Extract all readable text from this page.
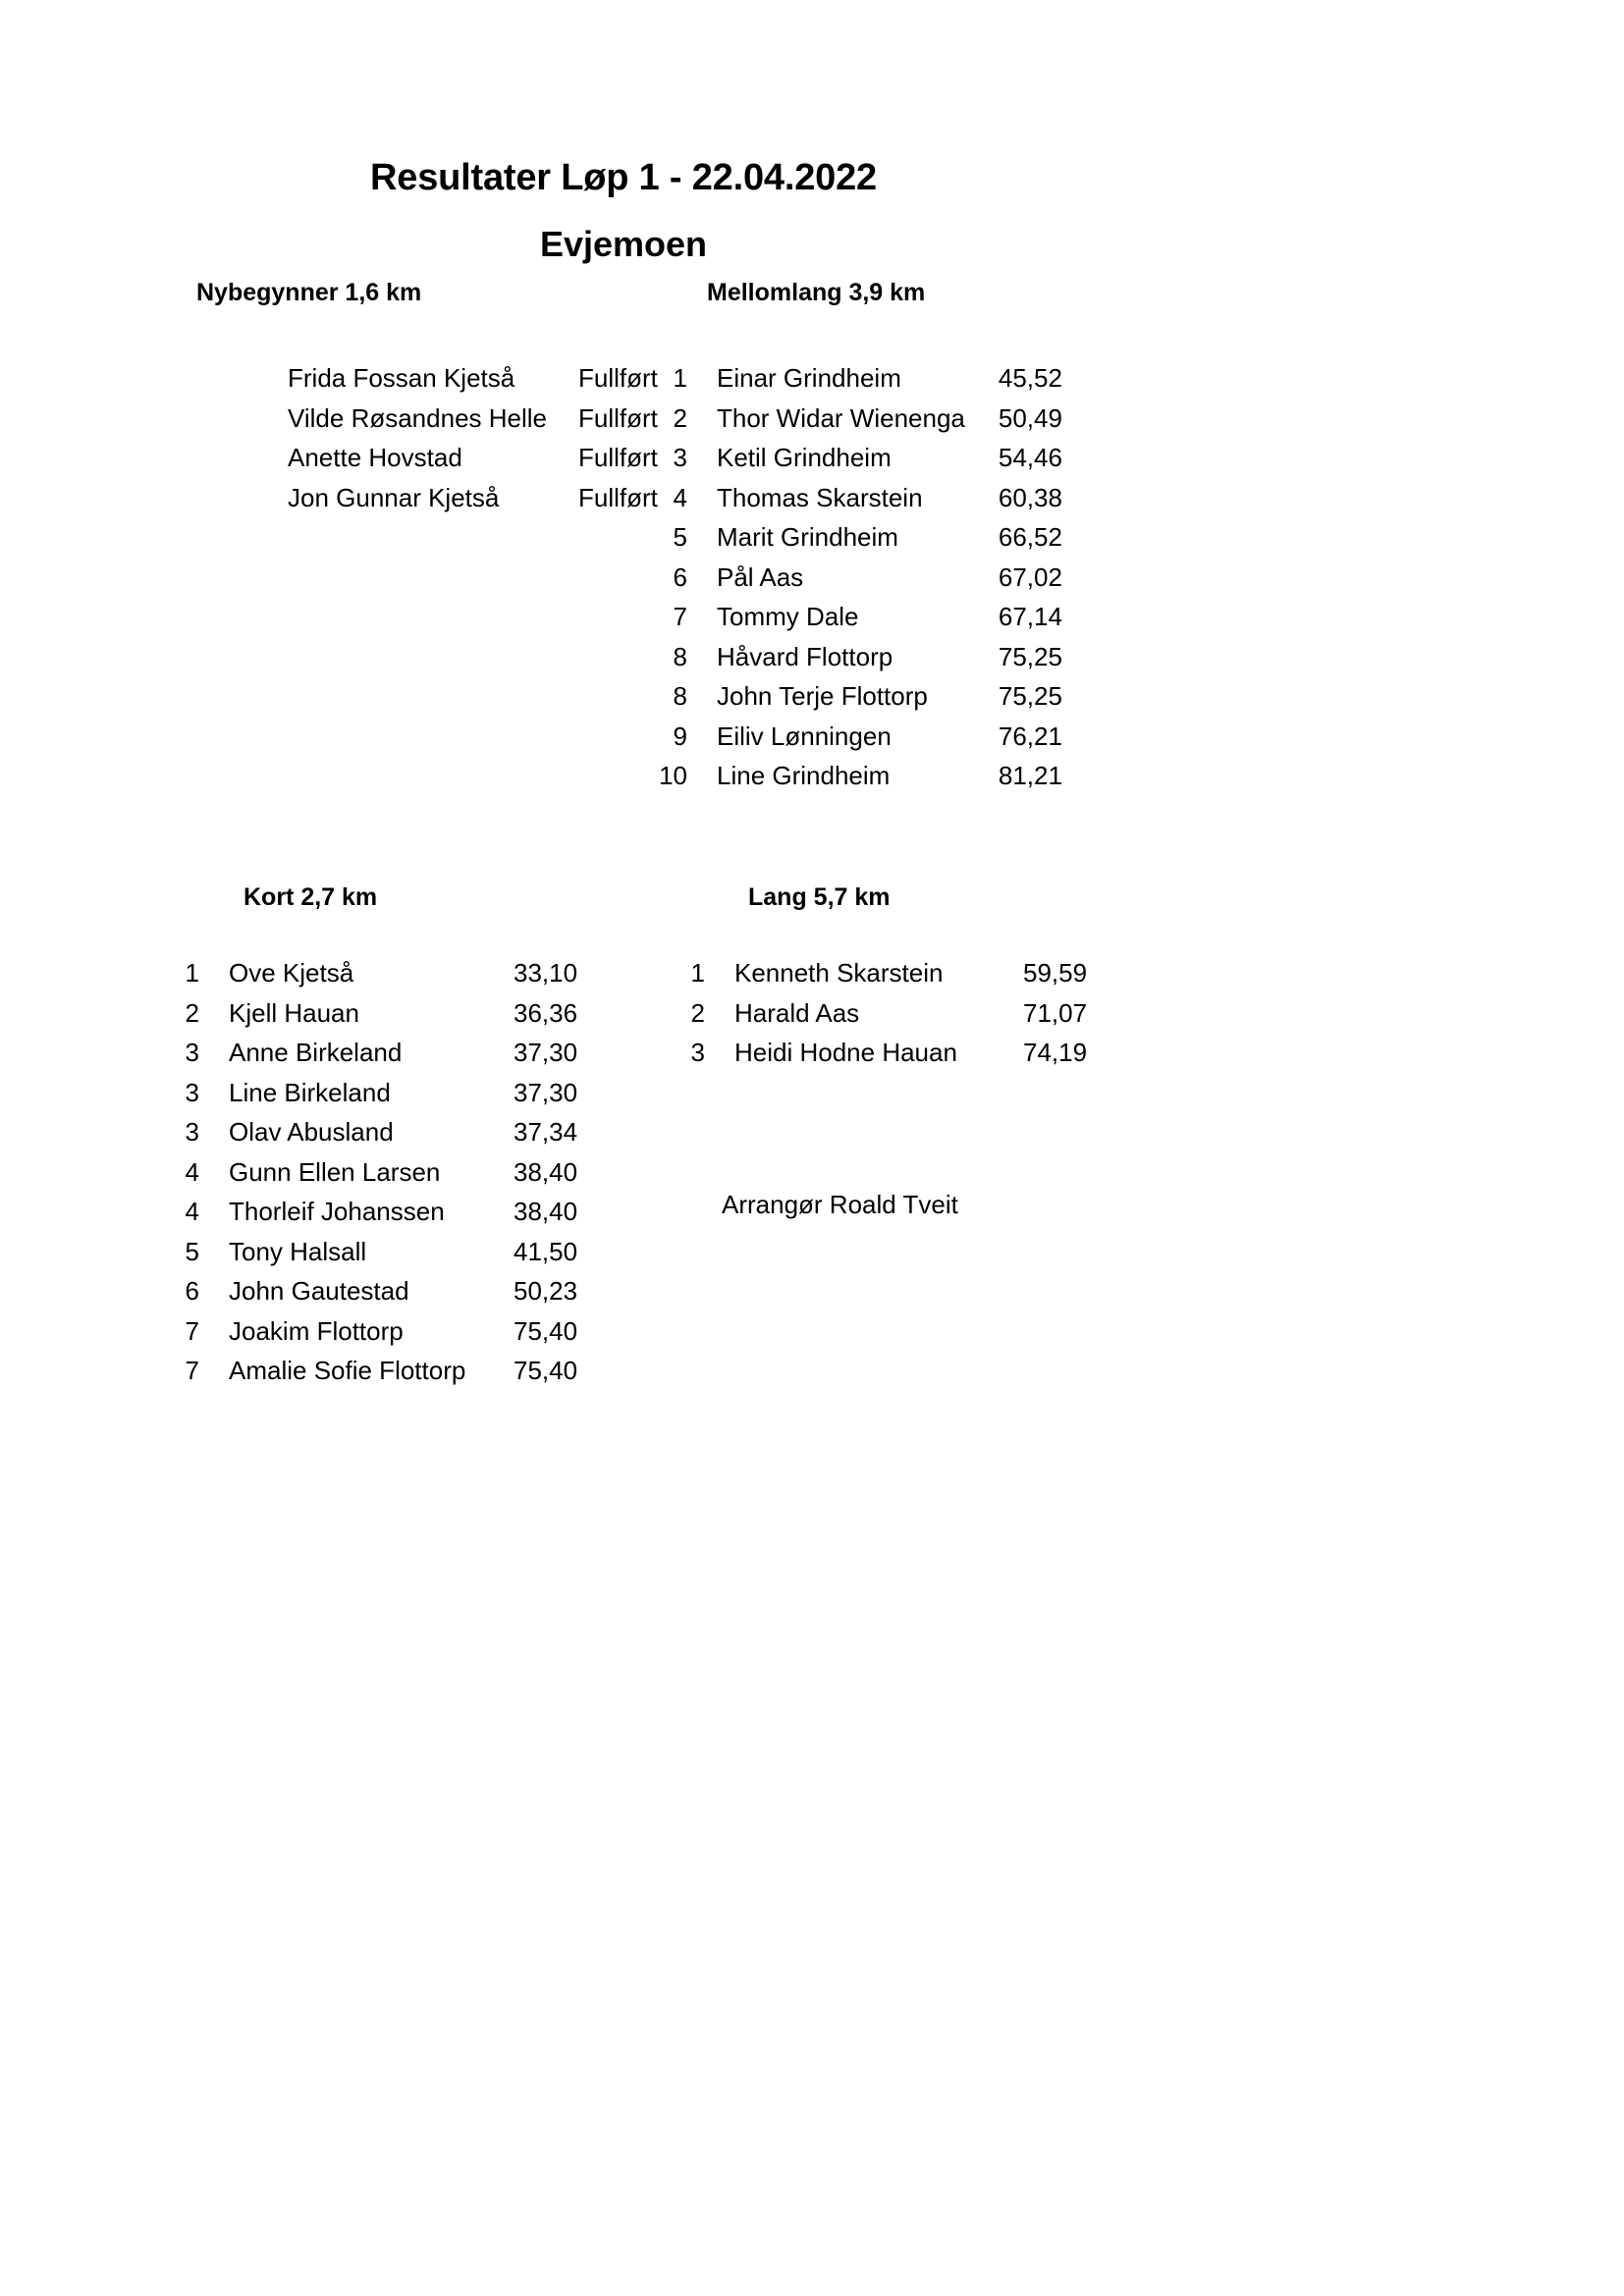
Resultater Løp 1 - 22.04.2022
Evjemoen
Nybegynner 1,6 km	Mellomlang 3,9 km
Kort 2,7 km	Lang 5,7 km
	Frida Fossan Kjetså	Fullført
	Vilde Røsandnes Helle	Fullført
	Anette Hovstad	Fullført
	Jon Gunnar Kjetså	Fullført
1	Einar Grindheim	45,52
2	Thor Widar Wienenga	50,49
3	Ketil Grindheim	54,46
4	Thomas Skarstein	60,38
5	Marit Grindheim	66,52
6	Pål Aas	67,02
7	Tommy Dale	67,14
8	Håvard Flottorp	75,25
8	John Terje Flottorp	75,25
9	Eiliv Lønningen	76,21
10	Line Grindheim	81,21
1	Ove Kjetså	33,10
2	Kjell Hauan	36,36
3	Anne Birkeland	37,30
3	Line Birkeland	37,30
3	Olav Abusland	37,34
4	Gunn Ellen Larsen	38,40
4	Thorleif Johanssen	38,40
5	Tony Halsall	41,50
6	John Gautestad	50,23
7	Joakim Flottorp	75,40
7	Amalie Sofie Flottorp	75,40
1	Kenneth Skarstein	59,59
2	Harald Aas	71,07
3	Heidi Hodne Hauan	74,19
Arrangør Roald Tveit
